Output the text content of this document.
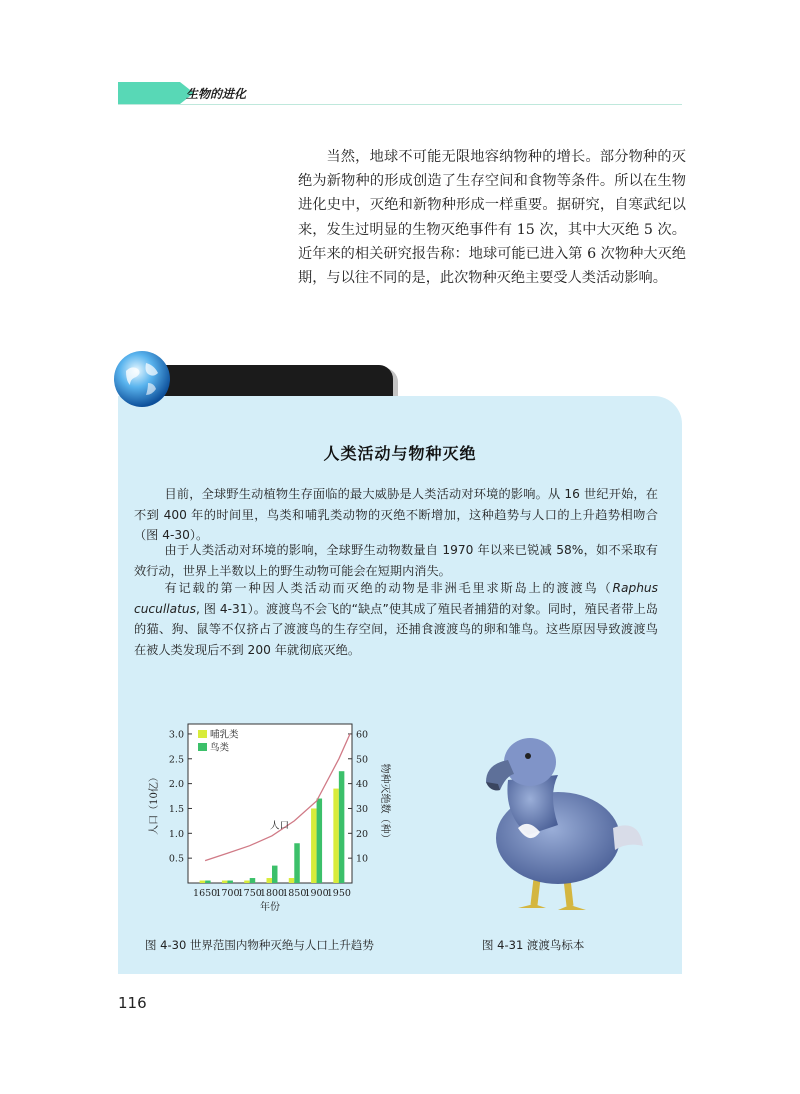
生物的进化

当然，地球不可能无限地容纳物种的增长。部分物种的灭绝为新物种的形成创造了生存空间和食物等条件。所以在生物进化史中，灭绝和新物种形成一样重要。据研究，自寒武纪以来，发生过明显的生物灭绝事件有 15 次，其中大灭绝 5 次。近年来的相关研究报告称：地球可能已进入第 6 次物种大灭绝期，与以往不同的是，此次物种灭绝主要受人类活动影响。

人类活动与物种灭绝

目前，全球野生动植物生存面临的最大威胁是人类活动对环境的影响。从 16 世纪开始，在不到 400 年的时间里，鸟类和哺乳类动物的灭绝不断增加，这种趋势与人口的上升趋势相吻合（图 4-30）。

由于人类活动对环境的影响，全球野生动物数量自 1970 年以来已锐减 58%，如不采取有效行动，世界上半数以上的野生动物可能会在短期内消失。

有记载的第一种因人类活动而灭绝的动物是非洲毛里求斯岛上的渡渡鸟（Raphus cucullatus, 图 4-31）。渡渡鸟不会飞的“缺点”使其成了殖民者捕猎的对象。同时，殖民者带上岛的猫、狗、鼠等不仅挤占了渡渡鸟的生存空间，还捕食渡渡鸟的卵和雏鸟。这些原因导致渡渡鸟在被人类发现后不到 200 年就彻底灭绝。

0.5
1.0
1.5
2.0
2.5
3.0
10
20
30
40
50
60
1650
1700
1750
1800
1850
1900
1950
人口
哺乳类
鸟类
年份
人口（10亿）	物种灭绝数（种）
图 4-30 世界范围内物种灭绝与人口上升趋势	图 4-31 渡渡鸟标本
116
